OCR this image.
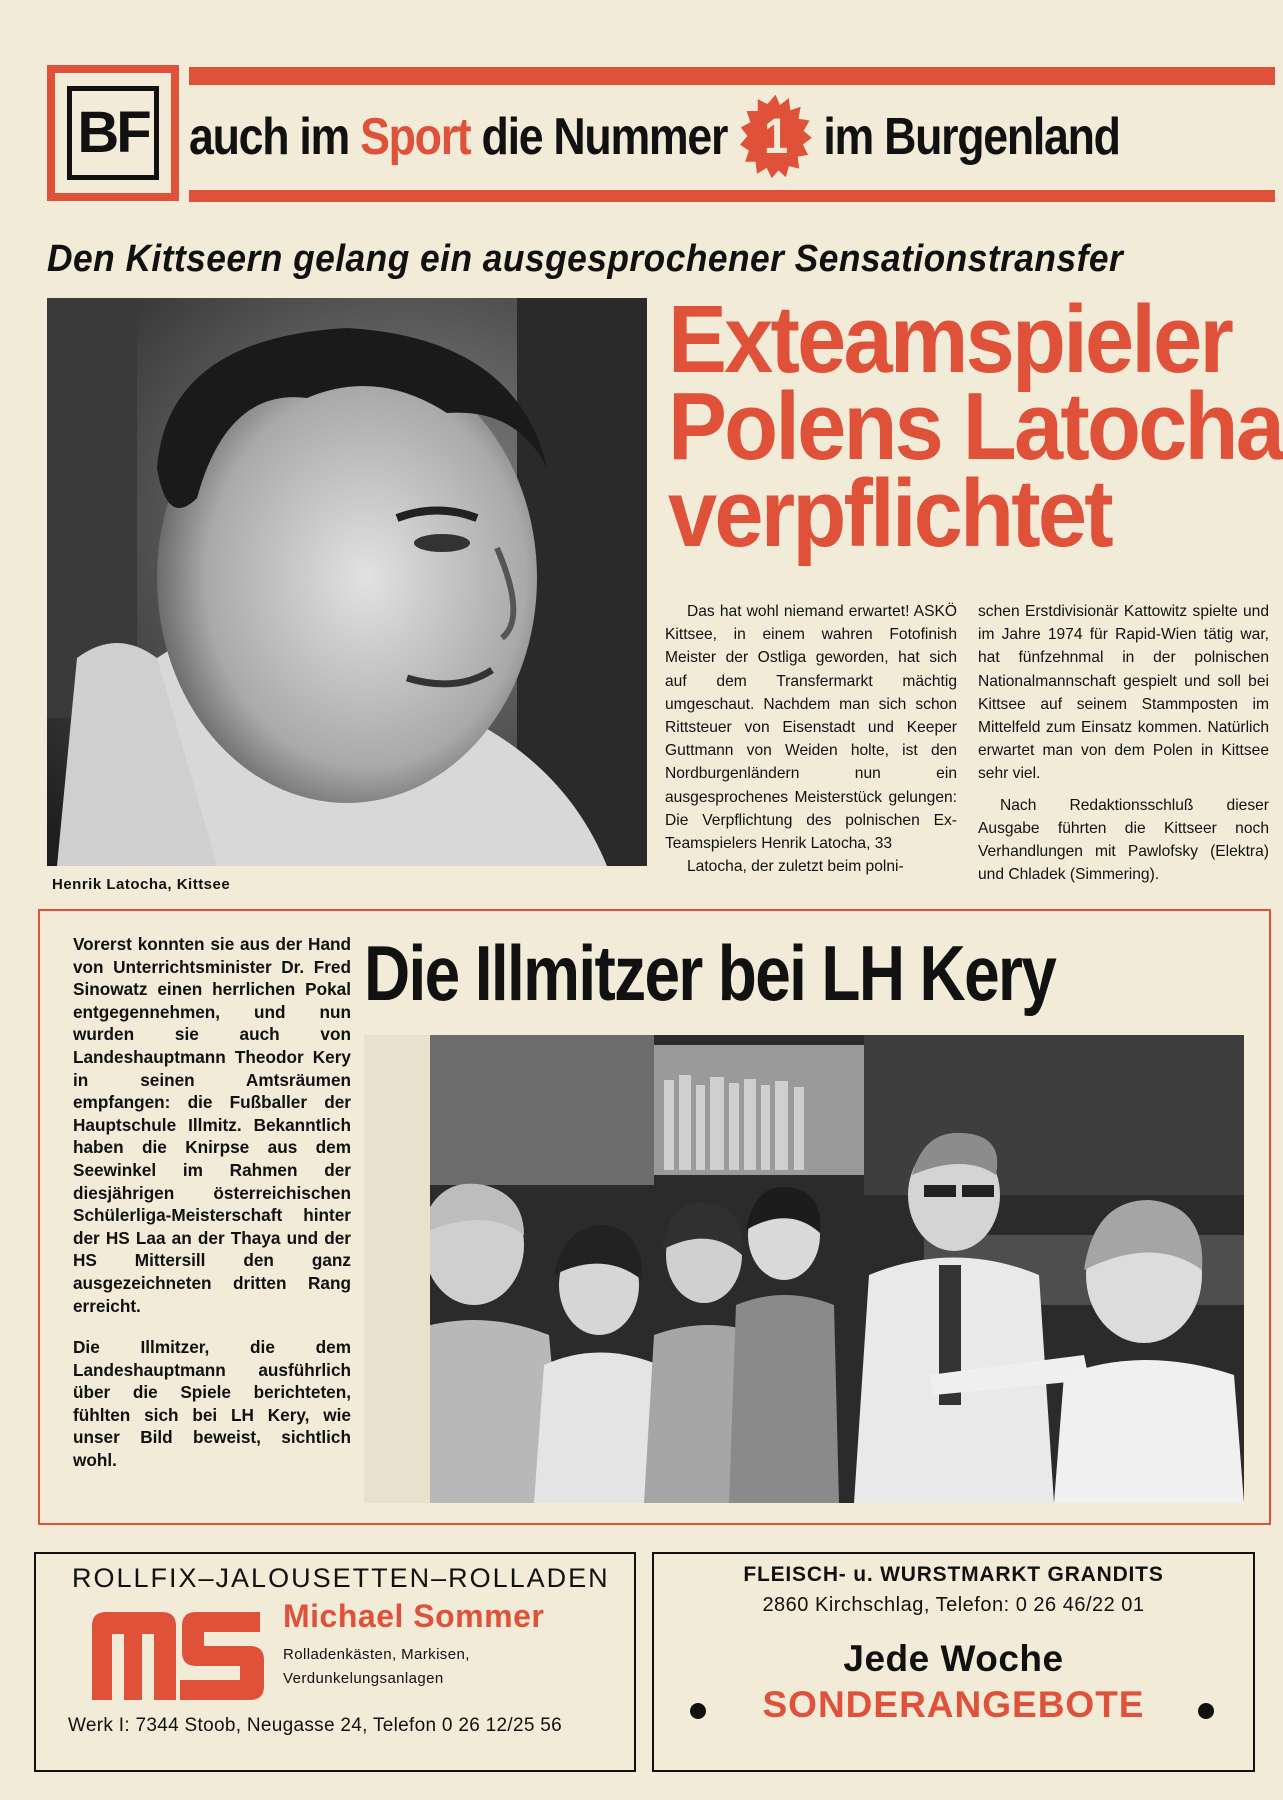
BF auch im Sport die Nummer 1 im Burgenland
Den Kittseern gelang ein ausgesprochener Sensationstransfer
Henrik Latocha, Kittsee
Exteamspieler
Polens Latocha
verpflichtet

Das hat wohl niemand erwartet! ASKÖ Kittsee, in einem wahren Fotofinish Meister der Ostliga geworden, hat sich auf dem Transfermarkt mächtig umgeschaut. Nachdem man sich schon Rittsteuer von Eisenstadt und Keeper Guttmann von Weiden holte, ist den Nordburgenländern nun ein ausgesprochenes Meisterstück gelungen: Die Verpflichtung des polnischen Ex-Teamspielers Henrik Latocha, 33

Latocha, der zuletzt beim polni-

schen Erstdivisionär Kattowitz spielte und im Jahre 1974 für Rapid-Wien tätig war, hat fünfzehnmal in der polnischen Nationalmannschaft gespielt und soll bei Kittsee auf seinem Stammposten im Mittelfeld zum Einsatz kommen. Natürlich erwartet man von dem Polen in Kittsee sehr viel.

Nach Redaktionsschluß dieser Ausgabe führten die Kittseer noch Verhandlungen mit Pawlofsky (Elektra) und Chladek (Simmering).

Vorerst konnten sie aus der Hand von Unterrichtsminister Dr. Fred Sinowatz einen herrlichen Pokal entgegennehmen, und nun wurden sie auch von Landeshauptmann Theodor Kery in seinen Amtsräumen empfangen: die Fußballer der Hauptschule Illmitz. Bekanntlich haben die Knirpse aus dem Seewinkel im Rahmen der diesjährigen österreichischen Schülerliga-Meisterschaft hinter der HS Laa an der Thaya und der HS Mittersill den ganz ausgezeichneten dritten Rang erreicht.

Die Illmitzer, die dem Landeshauptmann ausführlich über die Spiele berichteten, fühlten sich bei LH Kery, wie unser Bild beweist, sichtlich wohl.

Die Illmitzer bei LH Kery
ROLLFIX–JALOUSETTEN–ROLLADEN
Michael Sommer
Rolladenkästen, Markisen,
Verdunkelungsanlagen
Werk I: 7344 Stoob, Neugasse 24, Telefon 0 26 12/25 56
FLEISCH- u. WURSTMARKT GRANDITS
2860 Kirchschlag, Telefon: 0 26 46/22 01
Jede Woche
SONDERANGEBOTE
